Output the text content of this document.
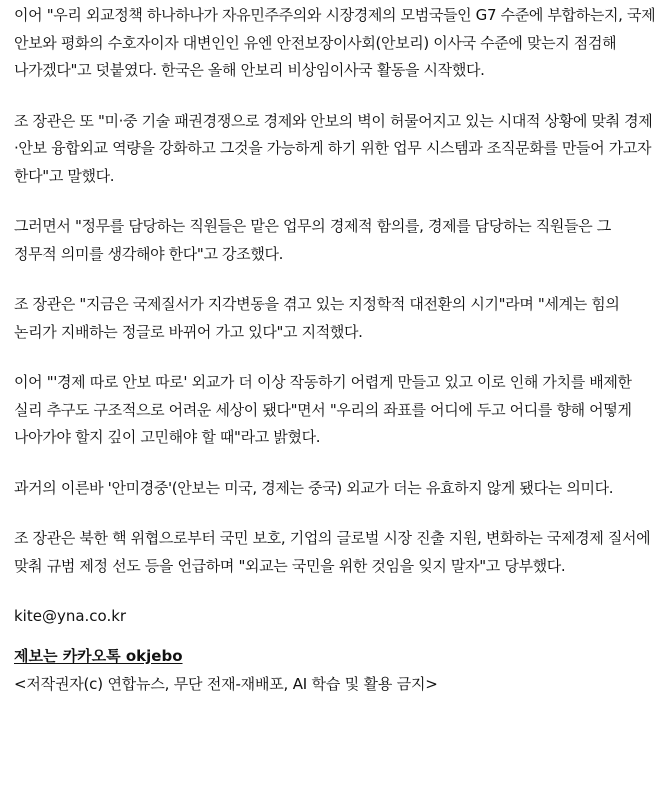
이어 "우리 외교정책 하나하나가 자유민주주의와 시장경제의 모범국들인 G7 수준에 부합하는지, 국제 안보와 평화의 수호자이자 대변인인 유엔 안전보장이사회(안보리) 이사국 수준에 맞는지 점검해 나가겠다"고 덧붙였다. 한국은 올해 안보리 비상임이사국 활동을 시작했다.

조 장관은 또 "미·중 기술 패권경쟁으로 경제와 안보의 벽이 허물어지고 있는 시대적 상황에 맞춰 경제·안보 융합외교 역량을 강화하고 그것을 가능하게 하기 위한 업무 시스템과 조직문화를 만들어 가고자 한다"고 말했다.

그러면서 "정무를 담당하는 직원들은 맡은 업무의 경제적 함의를, 경제를 담당하는 직원들은 그 정무적 의미를 생각해야 한다"고 강조했다.

조 장관은 "지금은 국제질서가 지각변동을 겪고 있는 지정학적 대전환의 시기"라며 "세계는 힘의 논리가 지배하는 정글로 바뀌어 가고 있다"고 지적했다.

이어 "'경제 따로 안보 따로' 외교가 더 이상 작동하기 어렵게 만들고 있고 이로 인해 가치를 배제한 실리 추구도 구조적으로 어려운 세상이 됐다"면서 "우리의 좌표를 어디에 두고 어디를 향해 어떻게 나아가야 할지 깊이 고민해야 할 때"라고 밝혔다.

과거의 이른바 '안미경중'(안보는 미국, 경제는 중국) 외교가 더는 유효하지 않게 됐다는 의미다.

조 장관은 북한 핵 위협으로부터 국민 보호, 기업의 글로벌 시장 진출 지원, 변화하는 국제경제 질서에 맞춰 규범 제정 선도 등을 언급하며 "외교는 국민을 위한 것임을 잊지 말자"고 당부했다.

kite@yna.co.kr

제보는 카카오톡 okjebo

<저작권자(c) 연합뉴스, 무단 전재-재배포, AI 학습 및 활용 금지>
